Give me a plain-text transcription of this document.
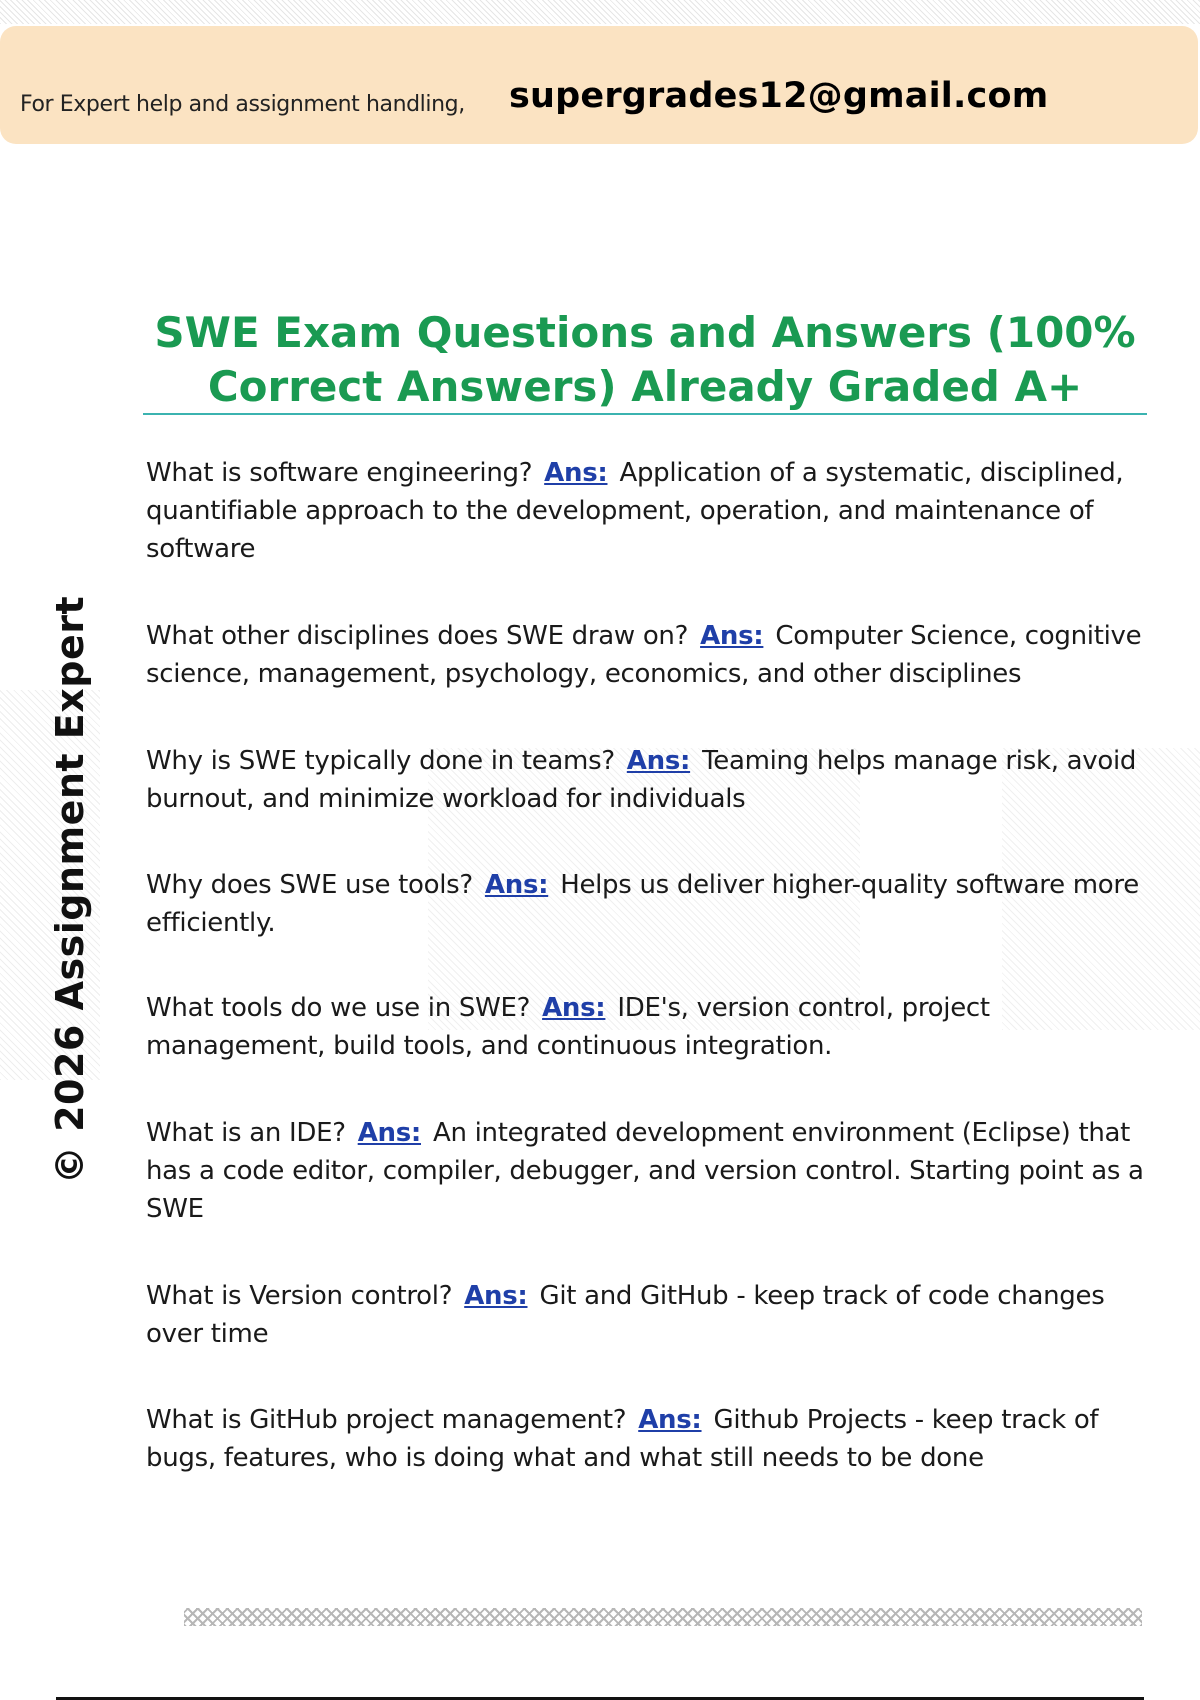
For Expert help and assignment handling, supergrades12@gmail.com
SWE Exam Questions and Answers (100% Correct Answers) Already Graded A+
© 2026 Assignment Expert
What is software engineering? Ans: Application of a systematic, disciplined, quantifiable approach to the development, operation, and maintenance of software
What other disciplines does SWE draw on? Ans: Computer Science, cognitive science, management, psychology, economics, and other disciplines
Why is SWE typically done in teams? Ans: Teaming helps manage risk, avoid burnout, and minimize workload for individuals
Why does SWE use tools? Ans: Helps us deliver higher-quality software more efficiently.
What tools do we use in SWE? Ans: IDE's, version control, project management, build tools, and continuous integration.
What is an IDE? Ans: An integrated development environment (Eclipse) that has a code editor, compiler, debugger, and version control. Starting point as a SWE
What is Version control? Ans: Git and GitHub - keep track of code changes over time
What is GitHub project management? Ans: Github Projects - keep track of bugs, features, who is doing what and what still needs to be done
